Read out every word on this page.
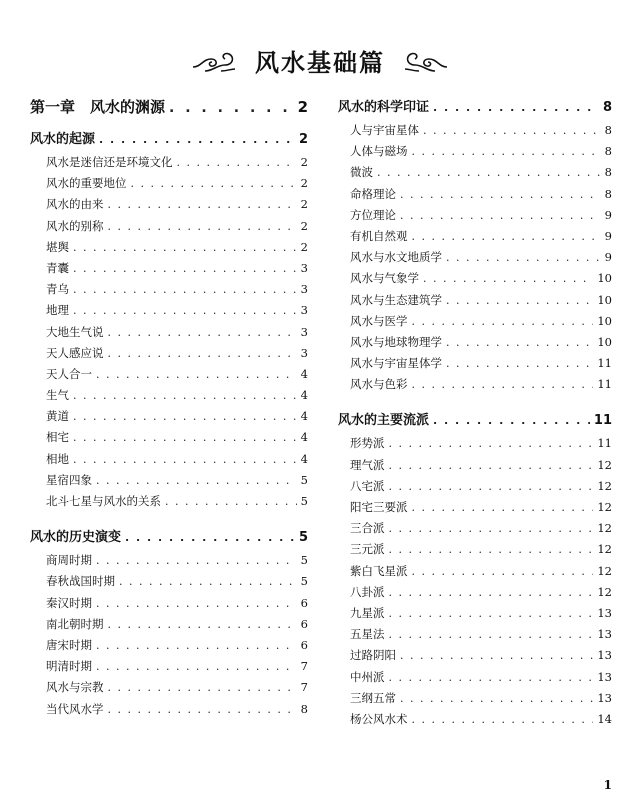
风水基础篇
第一章　风水的渊源 . . .	2
风水的起源 . . .	2
风水是迷信还是环境文化 . . .	2
风水的重要地位 . . .	2
风水的由来 . . .	2
风水的别称 . . .	2
堪舆 . . .	2
青囊 . . .	3
青乌 . . .	3
地理 . . .	3
大地生气说 . . .	3
天人感应说 . . .	3
天人合一 . . .	4
生气 . . .	4
黄道 . . .	4
相宅 . . .	4
相地 . . .	4
星宿四象 . . .	5
北斗七星与风水的关系 . . .	5
风水的历史演变 . . .	5
商周时期 . . .	5
春秋战国时期 . . .	5
秦汉时期 . . .	6
南北朝时期 . . .	6
唐宋时期 . . .	6
明清时期 . . .	7
风水与宗教 . . .	7
当代风水学 . . .	8
风水的科学印证 . . .	8
人与宇宙星体 . . .	8
人体与磁场 . . .	8
微波 . . .	8
命格理论 . . .	8
方位理论 . . .	9
有机自然观 . . .	9
风水与水文地质学 . . .	9
风水与气象学 . . .	10
风水与生态建筑学 . . .	10
风水与医学 . . .	10
风水与地球物理学 . . .	10
风水与宇宙星体学 . . .	11
风水与色彩 . . .	11
风水的主要流派 . . .	11
形势派 . . .	11
理气派 . . .	12
八宅派 . . .	12
阳宅三要派 . . .	12
三合派 . . .	12
三元派 . . .	12
紫白飞星派 . . .	12
八卦派 . . .	12
九星派 . . .	13
五星法 . . .	13
过路阴阳 . . .	13
中州派 . . .	13
三纲五常 . . .	13
杨公风水术 . . .	14
1
